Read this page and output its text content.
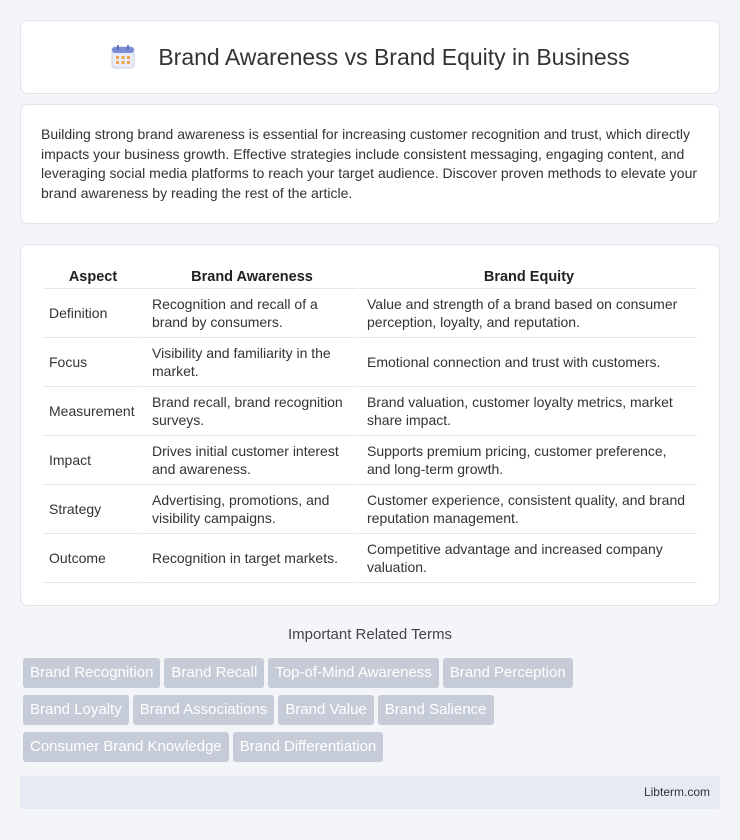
Brand Awareness vs Brand Equity in Business

Building strong brand awareness is essential for increasing customer recognition and trust, which directly impacts your business growth. Effective strategies include consistent messaging, engaging content, and leveraging social media platforms to reach your target audience. Discover proven methods to elevate your brand awareness by reading the rest of the article.

Aspect	Brand Awareness	Brand Equity
Definition	Recognition and recall of a brand by consumers.	Value and strength of a brand based on consumer perception, loyalty, and reputation.
Focus	Visibility and familiarity in the market.	Emotional connection and trust with customers.
Measurement	Brand recall, brand recognition surveys.	Brand valuation, customer loyalty metrics, market share impact.
Impact	Drives initial customer interest and awareness.	Supports premium pricing, customer preference, and long-term growth.
Strategy	Advertising, promotions, and visibility campaigns.	Customer experience, consistent quality, and brand reputation management.
Outcome	Recognition in target markets.	Competitive advantage and increased company valuation.
Important Related Terms
Brand Recognition Brand Recall Top-of-Mind Awareness Brand Perception
Brand Loyalty Brand Associations Brand Value Brand Salience
Consumer Brand Knowledge Brand Differentiation
Libterm.com
